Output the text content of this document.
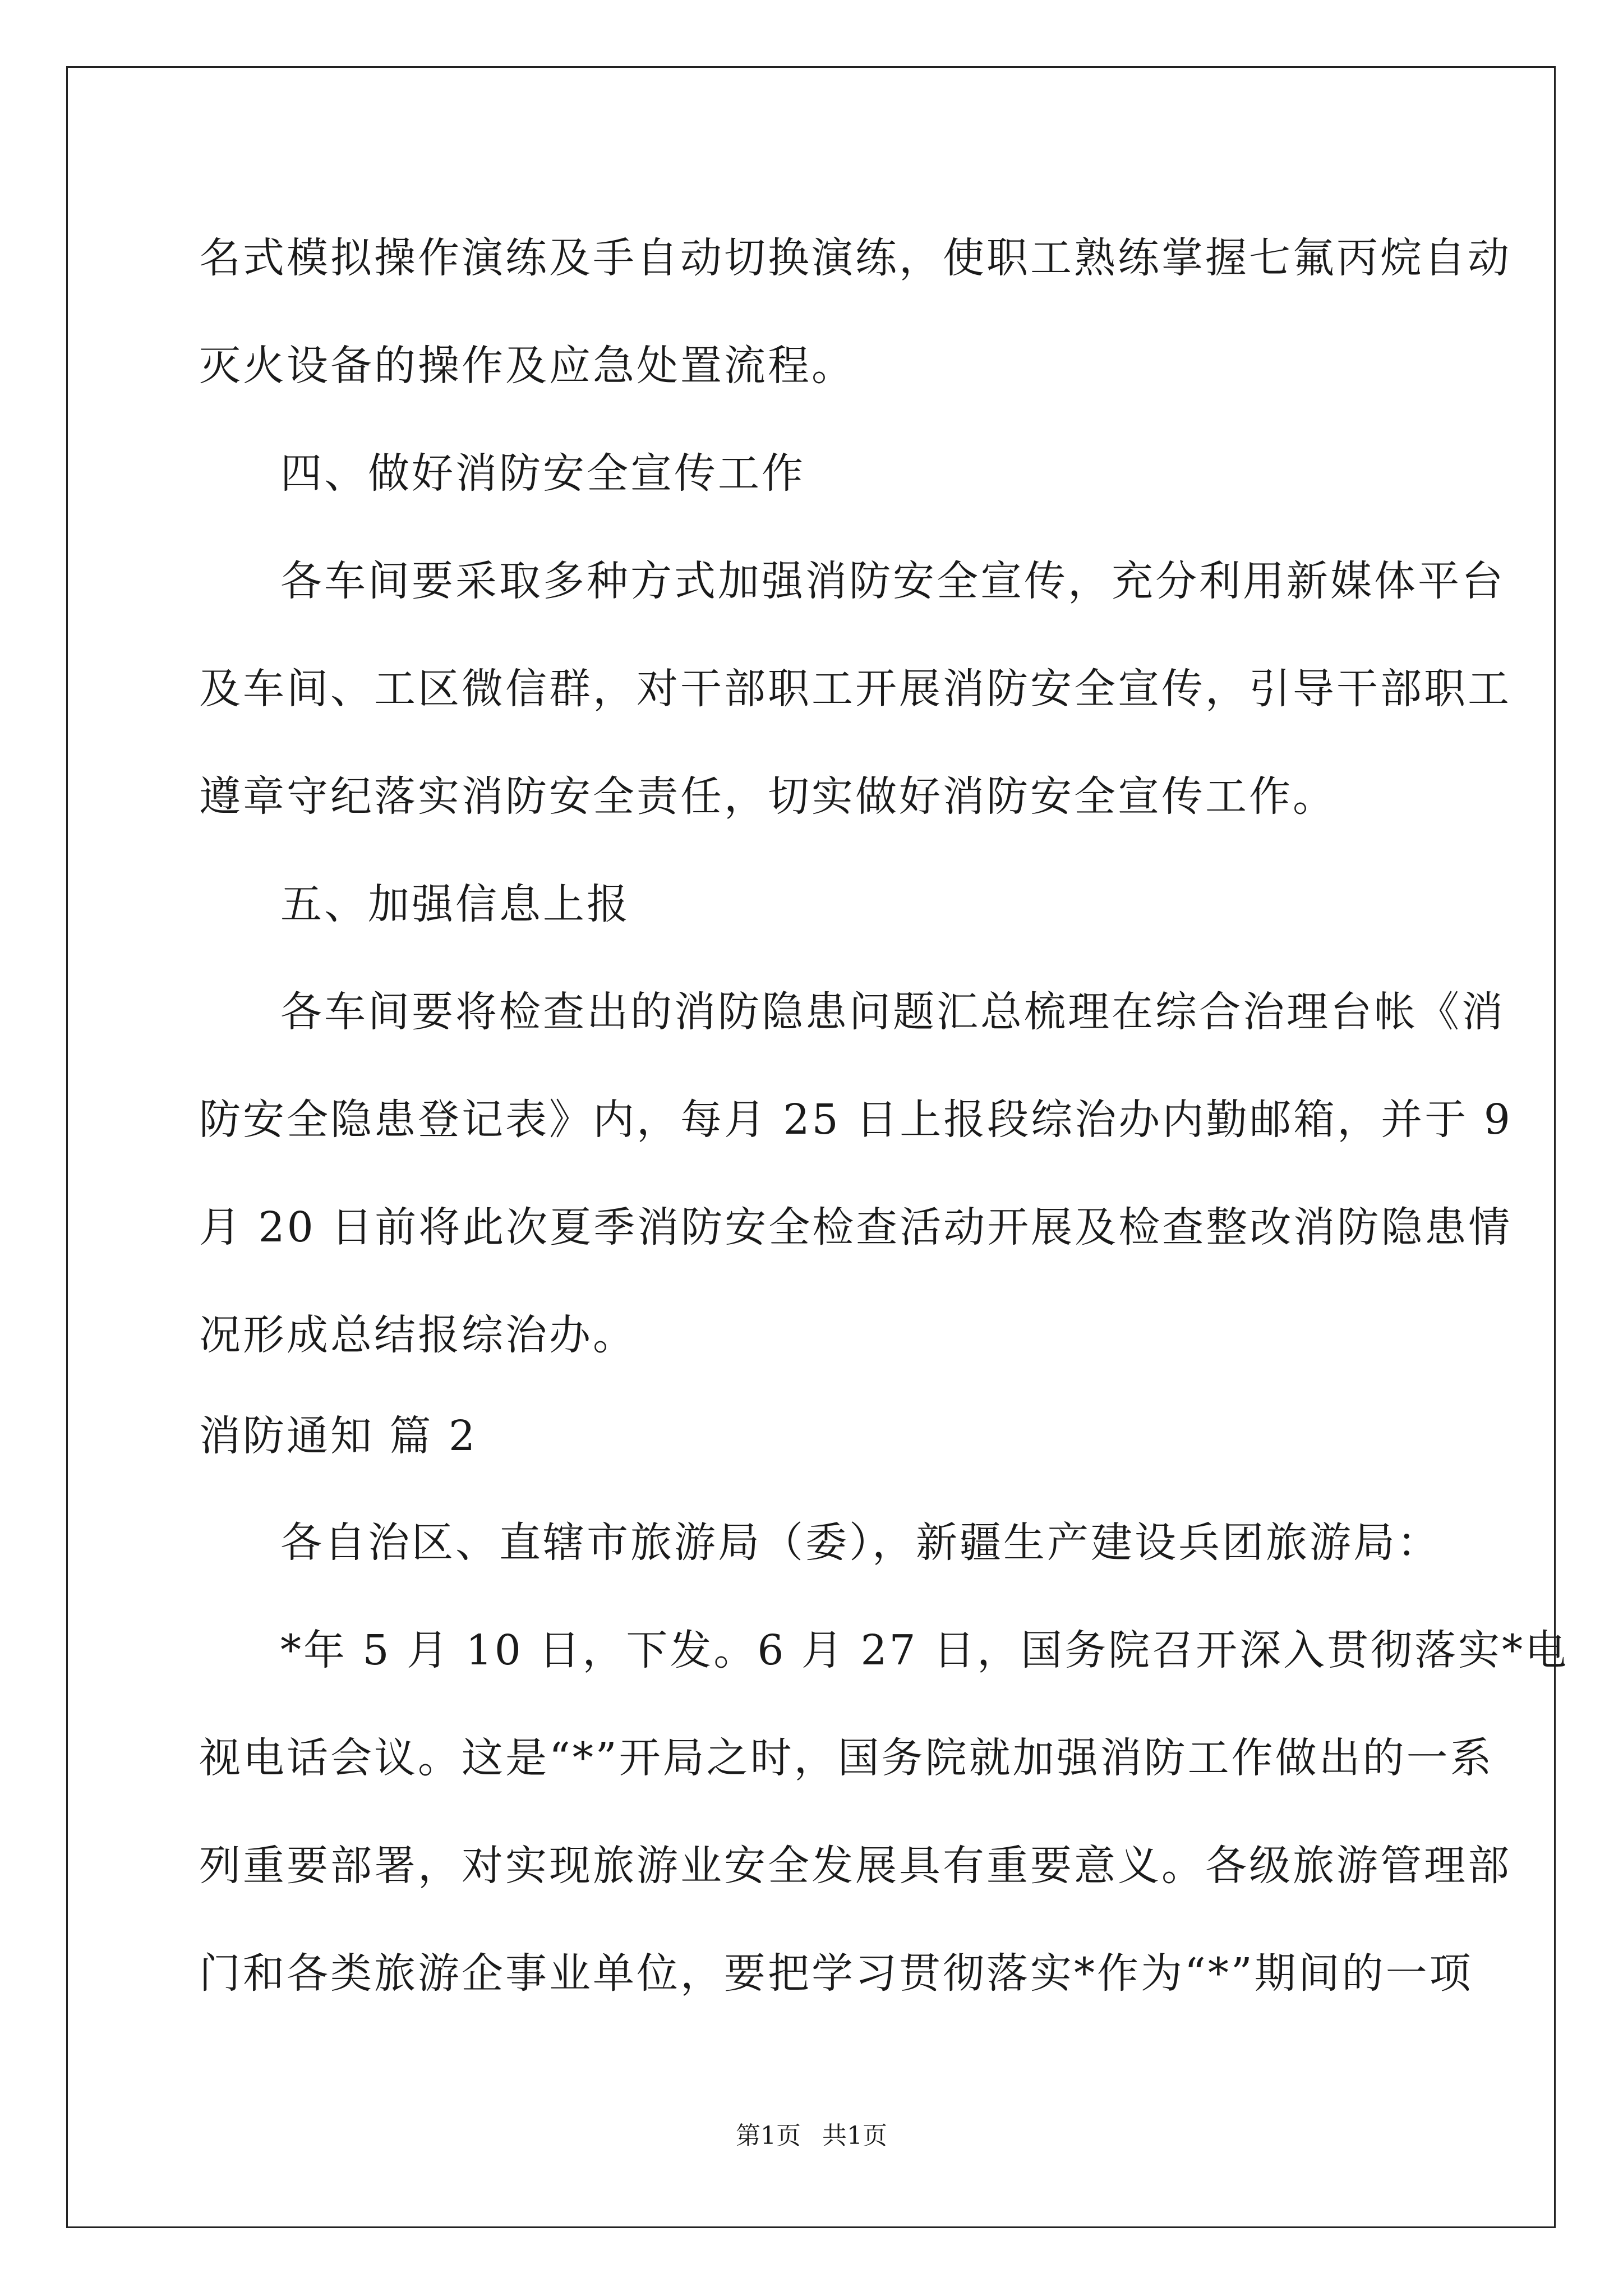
名式模拟操作演练及手自动切换演练，使职工熟练掌握七氟丙烷自动
灭火设备的操作及应急处置流程。
四、做好消防安全宣传工作
各车间要采取多种方式加强消防安全宣传，充分利用新媒体平台
及车间、工区微信群，对干部职工开展消防安全宣传，引导干部职工
遵章守纪落实消防安全责任，切实做好消防安全宣传工作。
五、加强信息上报
各车间要将检查出的消防隐患问题汇总梳理在综合治理台帐《消
防安全隐患登记表》内，每月 25 日上报段综治办内勤邮箱，并于 9
月 20 日前将此次夏季消防安全检查活动开展及检查整改消防隐患情
况形成总结报综治办。
消防通知 篇 2
各自治区、直辖市旅游局（委），新疆生产建设兵团旅游局：
*年 5 月 10 日，下发。6 月 27 日，国务院召开深入贯彻落实*电
视电话会议。这是“*”开局之时，国务院就加强消防工作做出的一系
列重要部署，对实现旅游业安全发展具有重要意义。各级旅游管理部
门和各类旅游企事业单位，要把学习贯彻落实*作为“*”期间的一项
第1页 共1页
